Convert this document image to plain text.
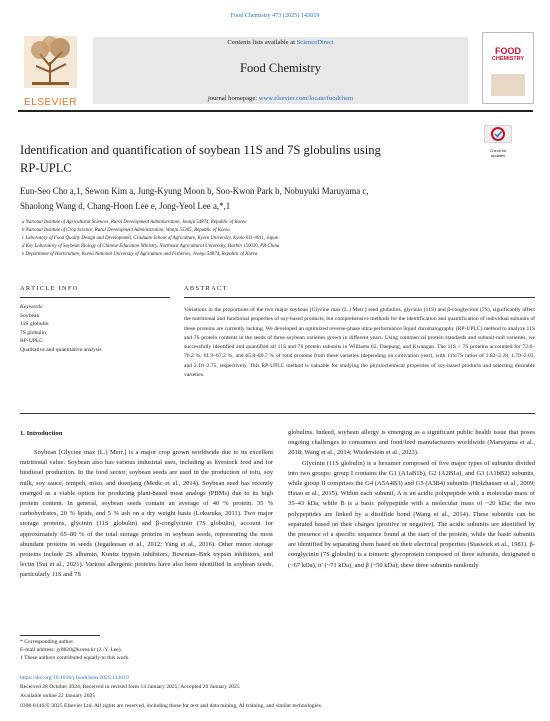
Food Chemistry 473 (2025) 143019
ELSEVIER
Contents lists available at ScienceDirect
Food Chemistry
journal homepage: www.elsevier.com/locate/foodchem
FOOD
CHEMISTRY
Identification and quantification of soybean 11S and 7S globulins using
RP-UPLC
Check for
updates
Eun-Seo Cho a,1, Sewon Kim a, Jung-Kyung Moon b, Soo-Kwon Park b, Nobuyuki Maruyama c,
Shaolong Wang d, Chang-Hoon Lee e, Jong-Yeol Lee a,*,1
a National Institute of Agricultural Sciences, Rural Development Administration, Jeonju 54874, Republic of Korea
b National Institute of Crop Science, Rural Development Administration, Wanju 55365, Republic of Korea
c Laboratory of Food Quality Design and Development, Graduate School of Agriculture, Kyoto University, Kyoto 611-0011, Japan
d Key Laboratory of Soybean Biology of Chinese Education Ministry, Northeast Agricultural University, Harbin 150030, PR China
e Department of Horticulture, Korea National University of Agriculture and Fisheries, Jeonju 54874, Republic of Korea
ARTICLE INFO	ABSTRACT
Keywords:
Soybean
11S globulin
7S globulin
RP-UPLC
Qualitative and quantitative analysis
Variations in the proportions of the two major soybean [Glycine max (L.) Merr.] seed globulins, glycinin (11S) and β-conglycinin (7S), significantly affect the nutritional and functional properties of soy-based products, but comprehensive methods for the identification and quantification of individual subunits of these proteins are currently lacking. We developed an optimized reverse-phase ultra-performance liquid chromatography (RP-UPLC) method to analyze 11S and 7S protein contents in the seeds of three soybean varieties grown in different years. Using commercial protein standards and subunit-null varieties, we successfully identified and quantified all 11S and 7S protein subunits in Williams 82, Daepung, and Kwangan. The 11S + 7S proteins accounted for 72.6–76.2 %, 61.9–67.2 %, and 65.8–80.7 % of total proteins from these varieties (depending on cultivation year), with 11S/7S ratios of 1.82–2.28, 1.79–2.03, and 2.18–2.75, respectively. This RP-UPLC method is valuable for studying the physiochemical properties of soy-based products and selecting desirable varieties.
1. Introduction

Soybean [Glycine max (L.) Merr.] is a major crop grown worldwide due to its excellent nutritional value. Soybean also has various industrial uses, including as livestock feed and for biodiesel production. In the food sector, soybean seeds are used in the production of tofu, soy milk, soy sauce, tempeh, miso, and doenjang (Medic et al., 2014). Soybean seed has recently emerged as a viable option for producing plant-based meat analogs (PBMs) due to its high protein content. In general, soybean seeds contain an average of 40 % protein, 35 % carbohydrates, 20 % lipids, and 5 % ash on a dry weight basis (Lokuruka, 2011). Two major storage proteins, glycinin (11S globulin) and β-conglycinin (7S globulin), account for approximately 65–80 % of the total storage proteins in soybean seeds, representing the most abundant proteins in seeds (Jegadeesan et al., 2012; Yang et al., 2016). Other minor storage proteins include 2S albumin, Kunitz trypsin inhibitors, Bowman–Birk trypsin inhibitors, and lectin (Sui et al., 2021). Various allergenic proteins have also been identified in soybean seeds, particularly 11S and 7S

globulins. Indeed, soybean allergy is emerging as a significant public health issue that poses ongoing challenges to consumers and food/feed manufacturers worldwide (Maruyama et al., 2018; Wang et al., 2014; Wiederstein et al., 2023).

Glycinin (11S globulin) is a hexamer composed of five major types of subunits divided into two groups: group I contains the G1 (A1aB1b), G2 (A2B1a), and G3 (A1bB2) subunits, while group II comprises the G4 (A5A4B3) and G5 (A3B4) subunits (Holzhauser et al., 2009; Hsiao et al., 2015). Within each subunit, A is an acidic polypeptide with a molecular mass of 35–43 kDa, while B is a basic polypeptide with a molecular mass of ~20 kDa; the two polypeptides are linked by a disulfide bond (Wang et al., 2014). These subunits can be separated based on their charges (positive or negative). The acidic subunits are identified by the presence of a specific sequence found at the start of the protein, while the basic subunits are identified by separating them based on their electrical properties (Staswick et al., 1981). β-conglycinin (7S globulin) is a trimeric glycoprotein composed of three subunits, designated α (~67 kDa), α′ (~71 kDa), and β (~50 kDa); these three subunits randomly

* Corresponding author.
E-mail address: jy0820@korea.kr (J.-Y. Lee).
1 These authors contributed equally to this work.
https://doi.org/10.1016/j.foodchem.2025.143019
Received 28 October 2024; Received in revised form 14 January 2025; Accepted 20 January 2025
Available online 22 January 2025
0308-8146/© 2025 Elsevier Ltd. All rights are reserved, including those for text and data mining, AI training, and similar technologies.
